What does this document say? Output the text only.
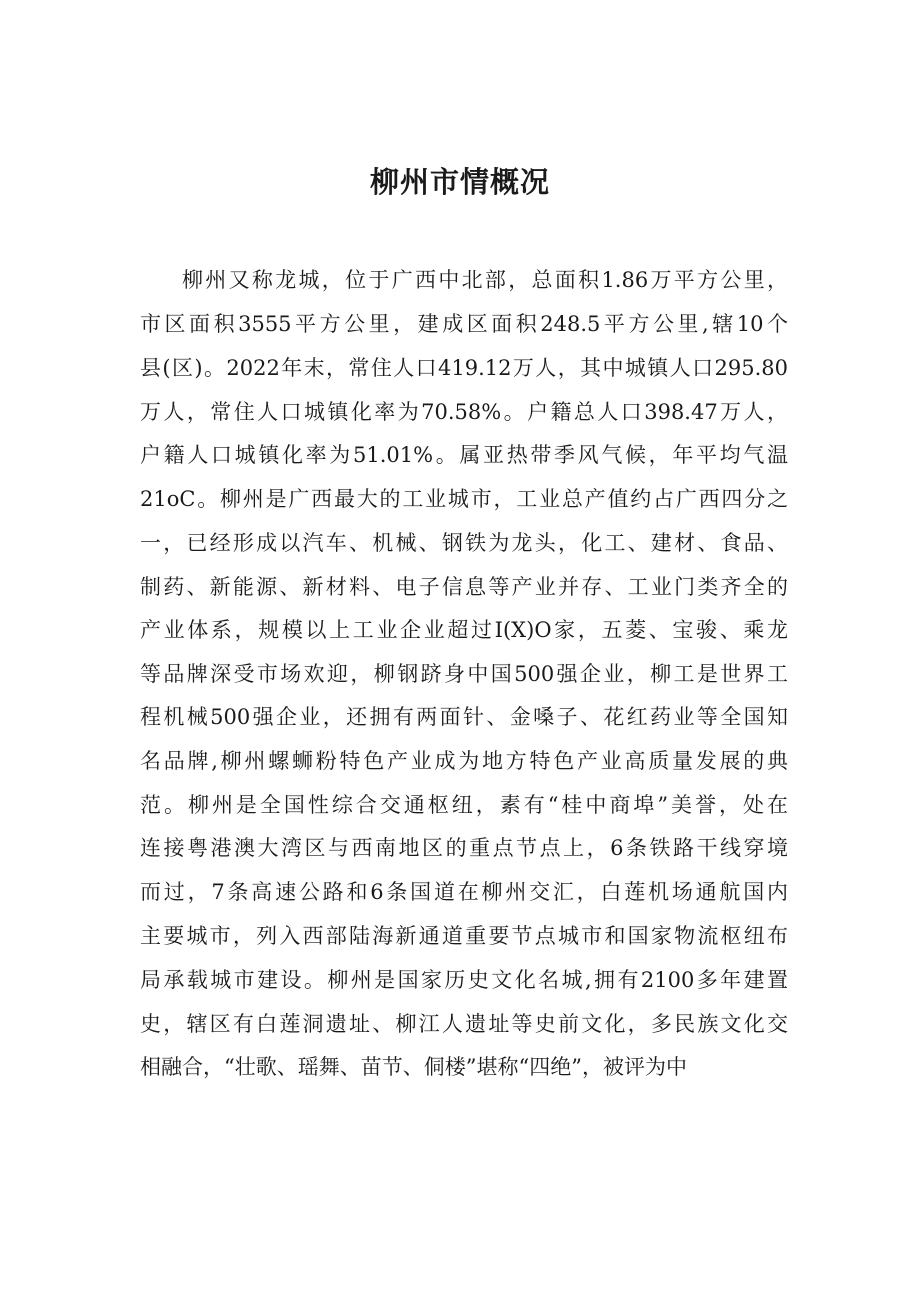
柳州市情概况
柳州又称龙城，位于广西中北部，总面积1.86万平方公里，
市区面积3555平方公里，建成区面积248.5平方公里,辖10个
县(区)。2022年末，常住人口419.12万人，其中城镇人口295.80
万人，常住人口城镇化率为70.58%。户籍总人口398.47万人，
户籍人口城镇化率为51.01%。属亚热带季风气候，年平均气温
21oC。柳州是广西最大的工业城市，工业总产值约占广西四分之
一，已经形成以汽车、机械、钢铁为龙头，化工、建材、食品、
制药、新能源、新材料、电子信息等产业并存、工业门类齐全的
产业体系，规模以上工业企业超过I(X)O家，五菱、宝骏、乘龙
等品牌深受市场欢迎，柳钢跻身中国500强企业，柳工是世界工
程机械500强企业，还拥有两面针、金嗓子、花红药业等全国知
名品牌,柳州螺蛳粉特色产业成为地方特色产业高质量发展的典
范。柳州是全国性综合交通枢纽，素有“桂中商埠”美誉，处在
连接粤港澳大湾区与西南地区的重点节点上，6条铁路干线穿境
而过，7条高速公路和6条国道在柳州交汇，白莲机场通航国内
主要城市，列入西部陆海新通道重要节点城市和国家物流枢纽布
局承载城市建设。柳州是国家历史文化名城,拥有2100多年建置
史，辖区有白莲洞遗址、柳江人遗址等史前文化，多民族文化交
相融合，“壮歌、瑶舞、苗节、侗楼”堪称“四绝”，被评为中
